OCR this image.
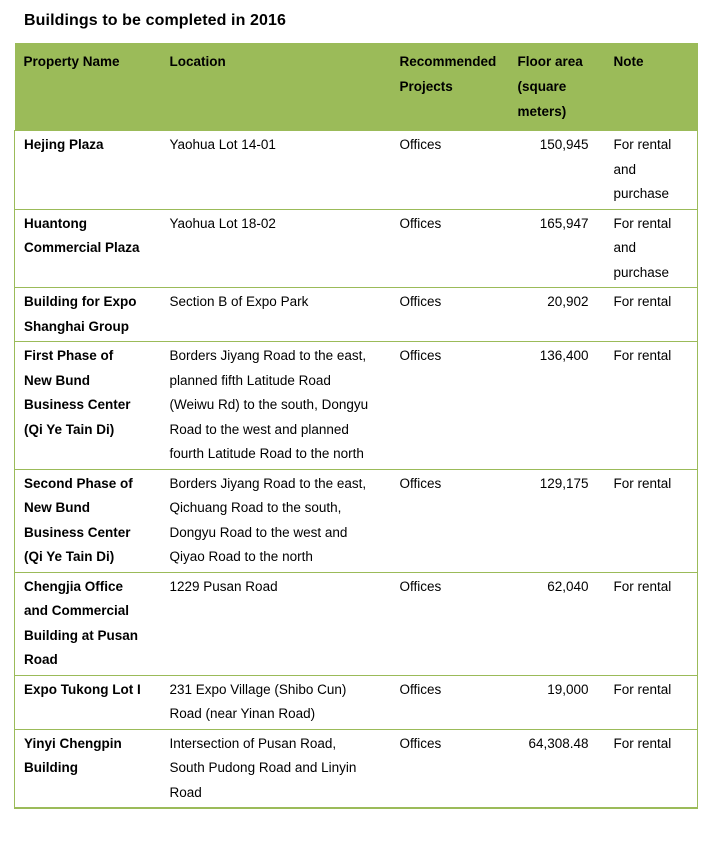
Buildings to be completed in 2016
Property Name	Location	Recommended Projects	Floor area (square meters)	Note
Hejing Plaza	Yaohua Lot 14-01	Offices	150,945	For rental and purchase
Huantong Commercial Plaza	Yaohua Lot 18-02	Offices	165,947	For rental and purchase
Building for Expo Shanghai Group	Section B of Expo Park	Offices	20,902	For rental
First Phase of New Bund Business Center (Qi Ye Tain Di)	Borders Jiyang Road to the east, planned fifth Latitude Road (Weiwu Rd) to the south, Dongyu Road to the west and planned fourth Latitude Road to the north	Offices	136,400	For rental
Second Phase of New Bund Business Center (Qi Ye Tain Di)	Borders Jiyang Road to the east, Qichuang Road to the south, Dongyu Road to the west and Qiyao Road to the north	Offices	129,175	For rental
Chengjia Office and Commercial Building at Pusan Road	1229 Pusan Road	Offices	62,040	For rental
Expo Tukong Lot I	231 Expo Village (Shibo Cun) Road (near Yinan Road)	Offices	19,000	For rental
Yinyi Chengpin Building	Intersection of Pusan Road, South Pudong Road and Linyin Road	Offices	64,308.48	For rental
